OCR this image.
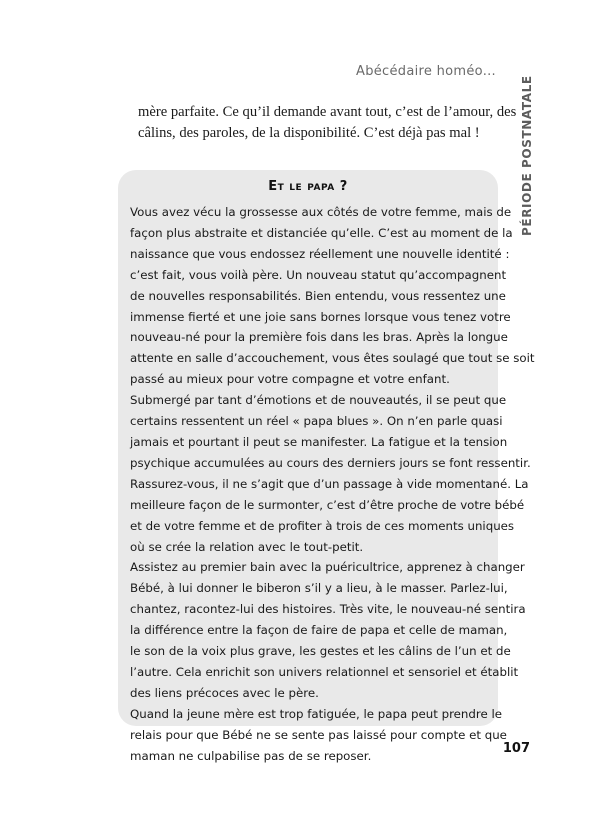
Abécédaire homéo...
PÉRIODE POSTNATALE
mère parfaite. Ce qu’il demande avant tout, c’est de l’amour, des
câlins, des paroles, de la disponibilité. C’est déjà pas mal !
Et le papa ?
Vous avez vécu la grossesse aux côtés de votre femme, mais de
façon plus abstraite et distanciée qu’elle. C’est au moment de la
naissance que vous endossez réellement une nouvelle identité :
c’est fait, vous voilà père. Un nouveau statut qu’accompagnent
de nouvelles responsabilités. Bien entendu, vous ressentez une
immense fierté et une joie sans bornes lorsque vous tenez votre
nouveau-né pour la première fois dans les bras. Après la longue
attente en salle d’accouchement, vous êtes soulagé que tout se soit
passé au mieux pour votre compagne et votre enfant.
Submergé par tant d’émotions et de nouveautés, il se peut que
certains ressentent un réel « papa blues ». On n’en parle quasi
jamais et pourtant il peut se manifester. La fatigue et la tension
psychique accumulées au cours des derniers jours se font ressentir.
Rassurez-vous, il ne s’agit que d’un passage à vide momentané. La
meilleure façon de le surmonter, c’est d’être proche de votre bébé
et de votre femme et de profiter à trois de ces moments uniques
où se crée la relation avec le tout-petit.
Assistez au premier bain avec la puéricultrice, apprenez à changer
Bébé, à lui donner le biberon s’il y a lieu, à le masser. Parlez-lui,
chantez, racontez-lui des histoires. Très vite, le nouveau-né sentira
la différence entre la façon de faire de papa et celle de maman,
le son de la voix plus grave, les gestes et les câlins de l’un et de
l’autre. Cela enrichit son univers relationnel et sensoriel et établit
des liens précoces avec le père.
Quand la jeune mère est trop fatiguée, le papa peut prendre le
relais pour que Bébé ne se sente pas laissé pour compte et que
maman ne culpabilise pas de se reposer.	107
